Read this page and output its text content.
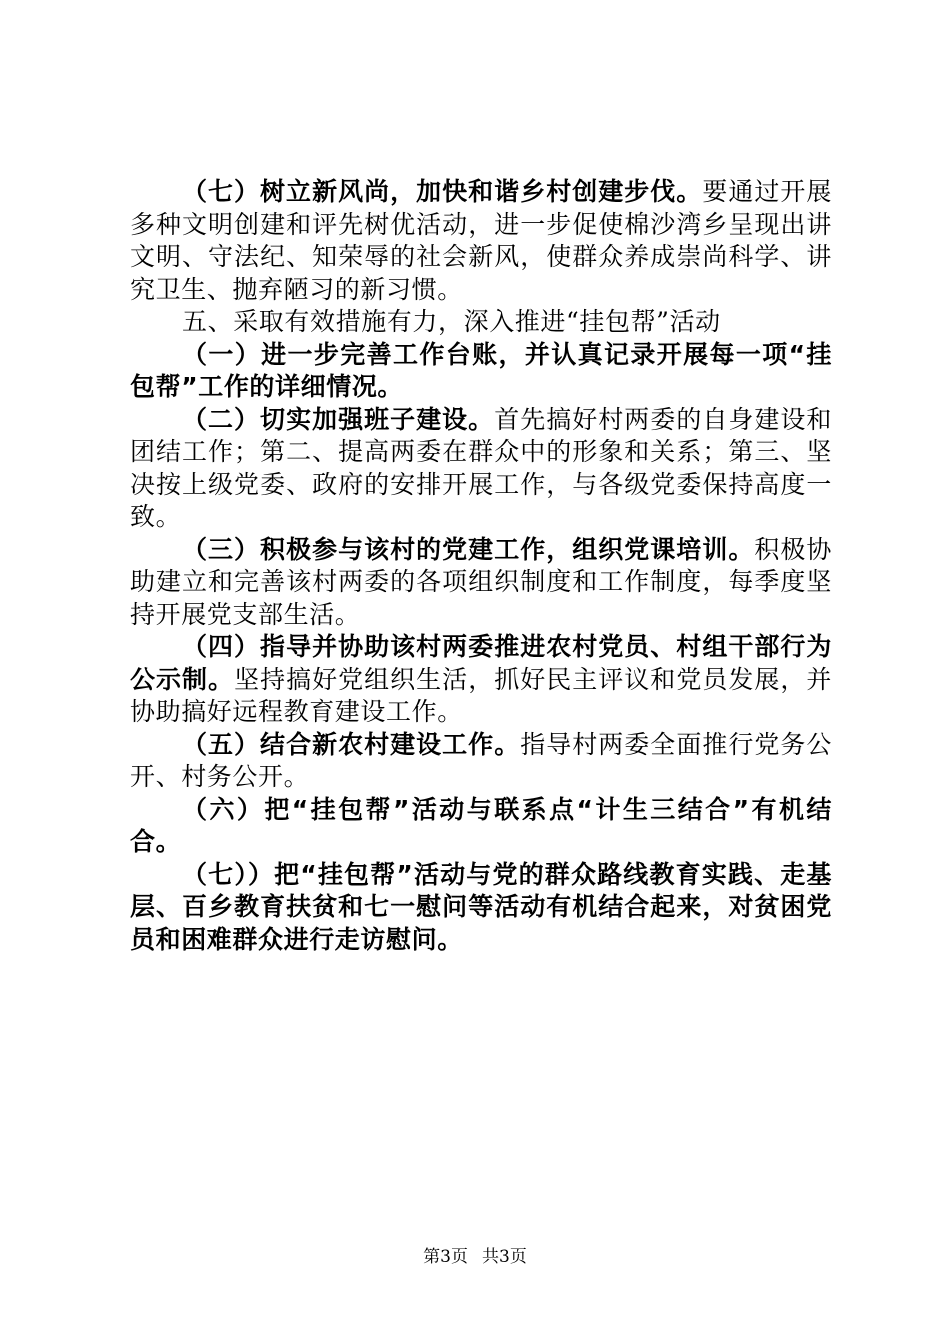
（七）树立新风尚，加快和谐乡村创建步伐。要通过开展多种文明创建和评先树优活动，进一步促使棉沙湾乡呈现出讲文明、守法纪、知荣辱的社会新风，使群众养成崇尚科学、讲究卫生、抛弃陋习的新习惯。

五、采取有效措施有力，深入推进“挂包帮”活动

（一）进一步完善工作台账，并认真记录开展每一项“挂包帮”工作的详细情况。

（二）切实加强班子建设。首先搞好村两委的自身建设和团结工作；第二、提高两委在群众中的形象和关系；第三、坚决按上级党委、政府的安排开展工作，与各级党委保持高度一致。

（三）积极参与该村的党建工作，组织党课培训。积极协助建立和完善该村两委的各项组织制度和工作制度，每季度坚持开展党支部生活。

（四）指导并协助该村两委推进农村党员、村组干部行为公示制。坚持搞好党组织生活，抓好民主评议和党员发展，并协助搞好远程教育建设工作。

（五）结合新农村建设工作。指导村两委全面推行党务公开、村务公开。

（六）把“挂包帮”活动与联系点“计生三结合”有机结合。

（七））把“挂包帮”活动与党的群众路线教育实践、走基层、百乡教育扶贫和七一慰问等活动有机结合起来，对贫困党员和困难群众进行走访慰问。

第3页 共3页
